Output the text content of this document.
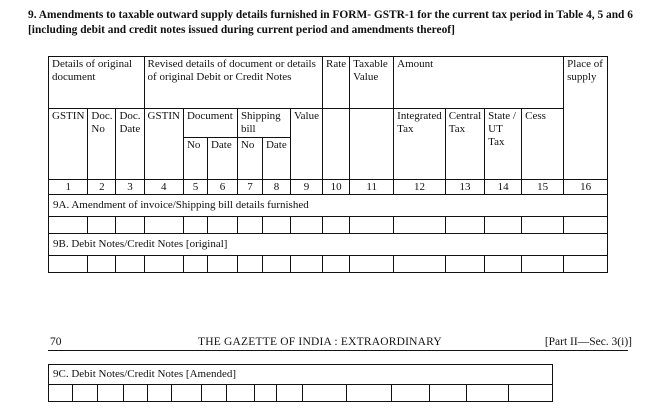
9. Amendments to taxable outward supply details furnished in FORM- GSTR-1 for the current tax period in Table 4, 5 and 6 [including debit and credit notes issued during current period and amendments thereof]
Details of original document			Revised details of document or details of original Debit or Credit Notes						Rate	Taxable Value	Amount				Place of supply
GSTIN	Doc. No	Doc. Date	GSTIN	Document		Shipping bill		Value			Integrated Tax	Central Tax	State / UT Tax	Cess	
				No	Date	No	Date								
1	2	3	4	5	6	7	8	9	10	11	12	13	14	15	16
9A. Amendment of invoice/Shipping bill details furnished															

9B. Debit Notes/Credit Notes [original]															

70	THE GAZETTE OF INDIA : EXTRAORDINARY	[Part II—Sec. 3(i)]
9C. Debit Notes/Credit Notes [Amended]
